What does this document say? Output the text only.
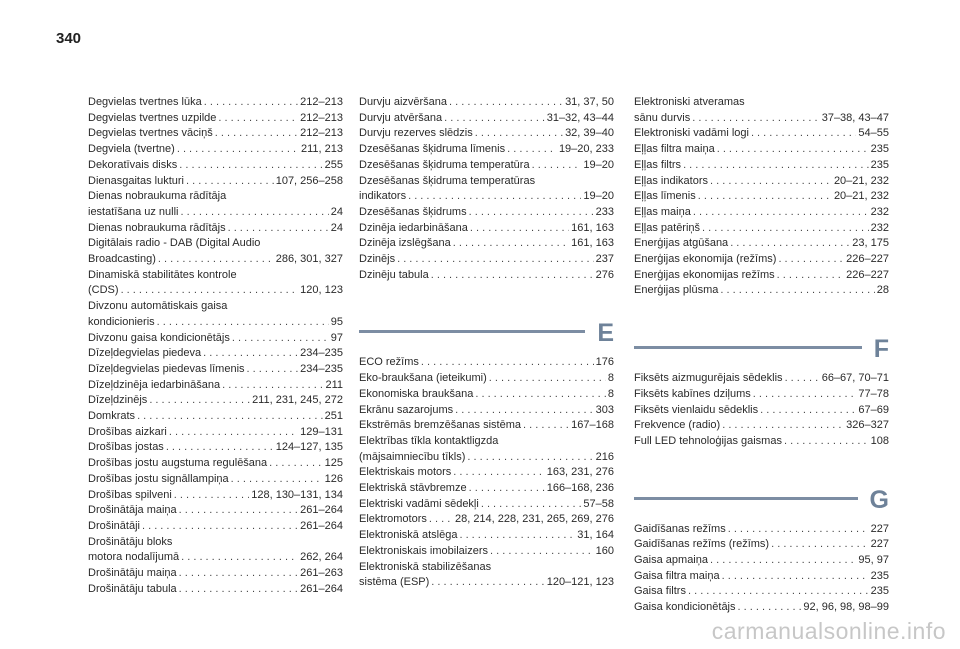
340
Degvielas tvertnes lūka . . .	212–213
Degvielas tvertnes uzpilde . . .	212–213
Degvielas tvertnes vāciņš . . .	212–213
Degviela (tvertne) . . .	211, 213
Dekoratīvais disks . . .	255
Dienasgaitas lukturi . . .	107, 256–258
Dienas nobraukuma rādītāja
iestatīšana uz nulli . . .	24
Dienas nobraukuma rādītājs . . .	24
Digitālais radio - DAB (Digital Audio
Broadcasting) . . .	286, 301, 327
Dinamiskā stabilitātes kontrole
(CDS) . . .	120, 123
Divzonu automātiskais gaisa
kondicionieris . . .	95
Divzonu gaisa kondicionētājs . . .	97
Dīzeļdegvielas piedeva . . .	234–235
Dīzeļdegvielas piedevas līmenis . . .	234–235
Dīzeļdzinēja iedarbināšana . . .	211
Dīzeļdzinējs . . .	211, 231, 245, 272
Domkrats . . .	251
Drošības aizkari . . .	129–131
Drošības jostas . . .	124–127, 135
Drošības jostu augstuma regulēšana . . .	125
Drošības jostu signāllampiņa . . .	126
Drošības spilveni . . .	128, 130–131, 134
Drošinātāja maiņa . . .	261–264
Drošinātāji . . .	261–264
Drošinātāju bloks
motora nodalījumā . . .	262, 264
Drošinātāju maiņa . . .	261–263
Drošinātāju tabula . . .	261–264
Durvju aizvēršana . . .	31, 37, 50
Durvju atvēršana . . .	31–32, 43–44
Durvju rezerves slēdzis . . .	32, 39–40
Dzesēšanas šķidruma līmenis . . .	19–20, 233
Dzesēšanas šķidruma temperatūra . . .	19–20
Dzesēšanas šķidruma temperatūras
indikators . . .	19–20
Dzesēšanas šķidrums . . .	233
Dzinēja iedarbināšana . . .	161, 163
Dzinēja izslēgšana . . .	161, 163
Dzinējs . . .	237
Dzinēju tabula . . .	276
E
ECO režīms . . .	176
Eko-braukšana (ieteikumi) . . .	8
Ekonomiska braukšana . . .	8
Ekrānu sazarojums . . .	303
Ekstrēmās bremzēšanas sistēma . . .	167–168
Elektrības tīkla kontaktligzda
(mājsaimniecību tīkls) . . .	216
Elektriskais motors . . .	163, 231, 276
Elektriskā stāvbremze . . .	166–168, 236
Elektriski vadāmi sēdekļi . . .	57–58
Elektromotors . . .	28, 214, 228, 231, 265, 269, 276
Elektroniskā atslēga . . .	31, 164
Elektroniskais imobilaizers . . .	160
Elektroniskā stabilizēšanas
sistēma (ESP) . . .	120–121, 123
Elektroniski atveramas
sānu durvis . . .	37–38, 43–47
Elektroniski vadāmi logi . . .	54–55
Eļļas filtra maiņa . . .	235
Eļļas filtrs . . .	235
Eļļas indikators . . .	20–21, 232
Eļļas līmenis . . .	20–21, 232
Eļļas maiņa . . .	232
Eļļas patēriņš . . .	232
Enerģijas atgūšana . . .	23, 175
Enerģijas ekonomija (režīms) . . .	226–227
Enerģijas ekonomijas režīms . . .	226–227
Enerģijas plūsma . . .	28
F
Fiksēts aizmugurējais sēdeklis . . .	66–67, 70–71
Fiksēts kabīnes dziļums . . .	77–78
Fiksēts vienlaidu sēdeklis . . .	67–69
Frekvence (radio) . . .	326–327
Full LED tehnoloģijas gaismas . . .	108
G
Gaidīšanas režīms . . .	227
Gaidīšanas režīms (režīms) . . .	227
Gaisa apmaiņa . . .	95, 97
Gaisa filtra maiņa . . .	235
Gaisa filtrs . . .	235
Gaisa kondicionētājs . . .	92, 96, 98, 98–99
carmanualsonline.info
